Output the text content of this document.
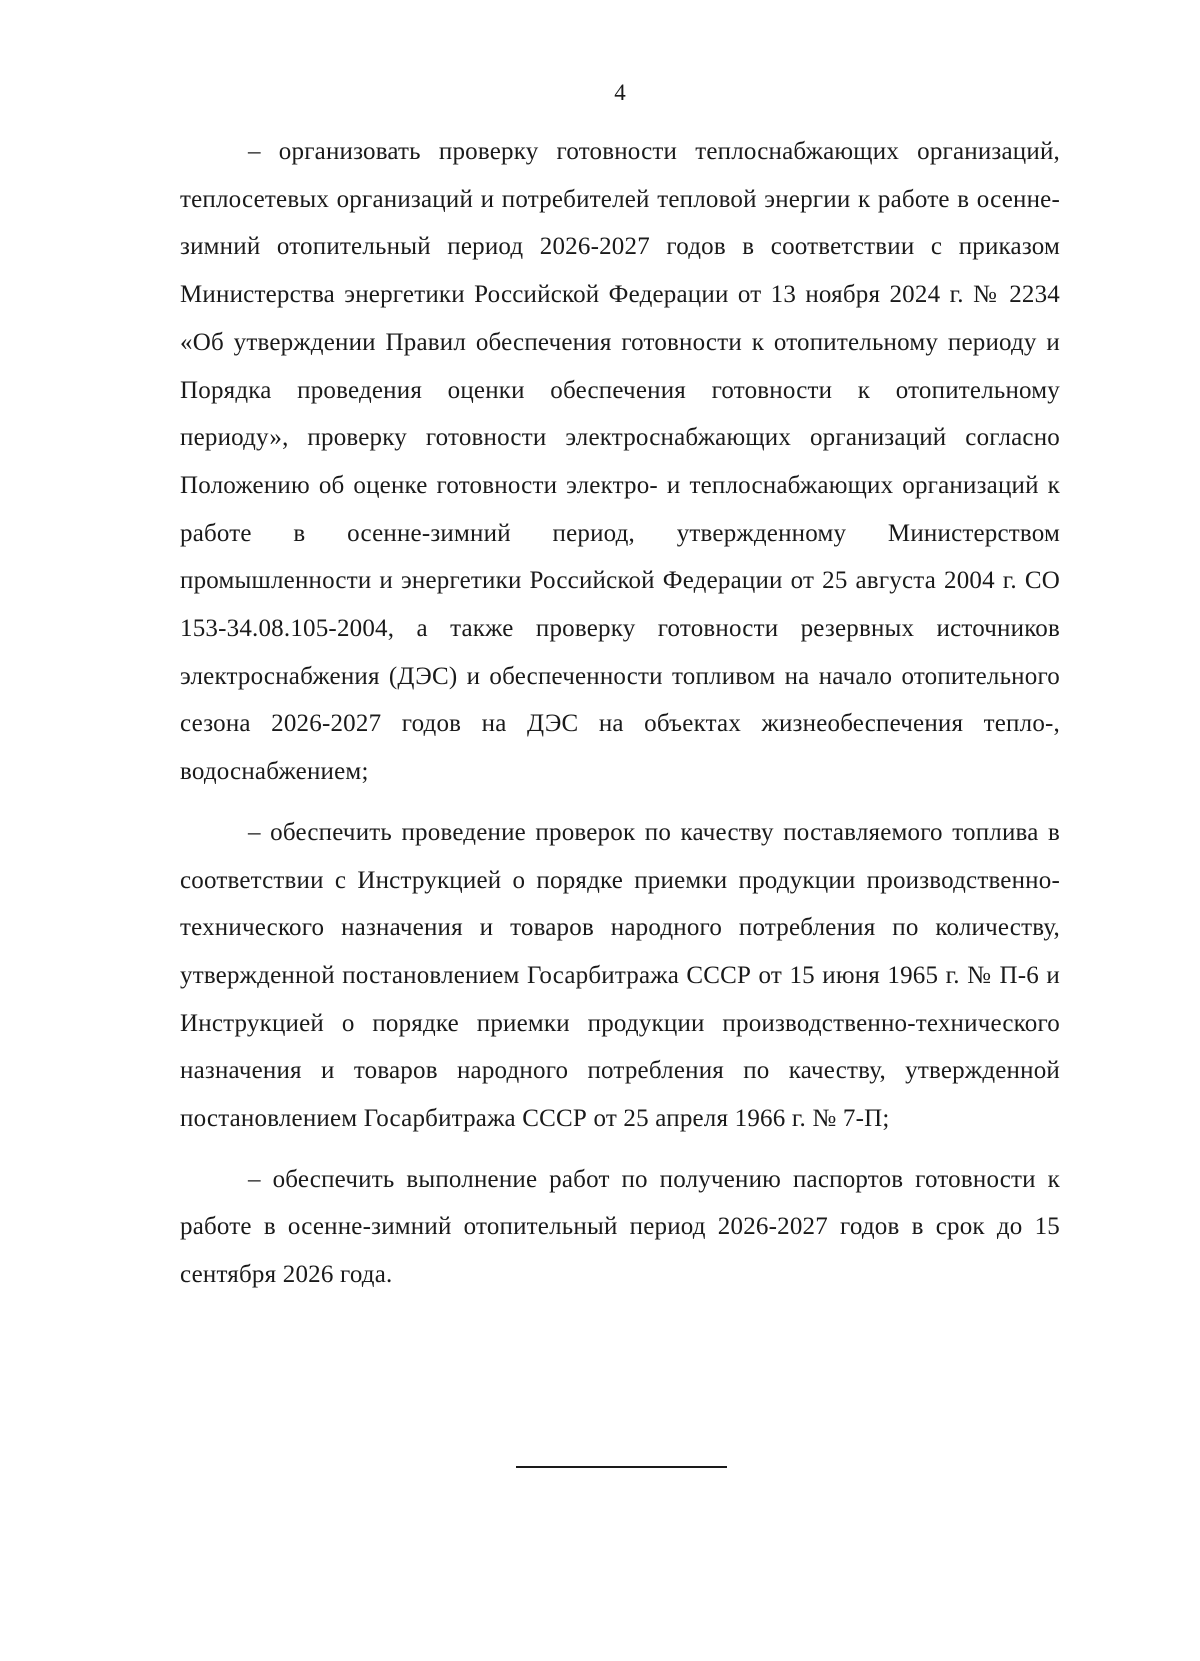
4

– организовать проверку готовности теплоснабжающих организаций, теплосетевых организаций и потребителей тепловой энергии к работе в осенне-зимний отопительный период 2026-2027 годов в соответствии с приказом Министерства энергетики Российской Федерации от 13 ноября 2024 г. № 2234 «Об утверждении Правил обеспечения готовности к отопительному периоду и Порядка проведения оценки обеспечения готовности к отопительному периоду», проверку готовности электроснабжающих организаций согласно Положению об оценке готовности электро- и теплоснабжающих организаций к работе в осенне-зимний период, утвержденному Министерством промышленности и энергетики Российской Федерации от 25 августа 2004 г. СО 153-34.08.105-2004, а также проверку готовности резервных источников электроснабжения (ДЭС) и обеспеченности топливом на начало отопительного сезона 2026-2027 годов на ДЭС на объектах жизнеобеспечения тепло-, водоснабжением;

– обеспечить проведение проверок по качеству поставляемого топлива в соответствии с Инструкцией о порядке приемки продукции производственно-технического назначения и товаров народного потребления по количеству, утвержденной постановлением Госарбитража СССР от 15 июня 1965 г. № П-6 и Инструкцией о порядке приемки продукции производственно-технического назначения и товаров народного потребления по качеству, утвержденной постановлением Госарбитража СССР от 25 апреля 1966 г. № 7-П;

– обеспечить выполнение работ по получению паспортов готовности к работе в осенне-зимний отопительный период 2026-2027 годов в срок до 15 сентября 2026 года.
